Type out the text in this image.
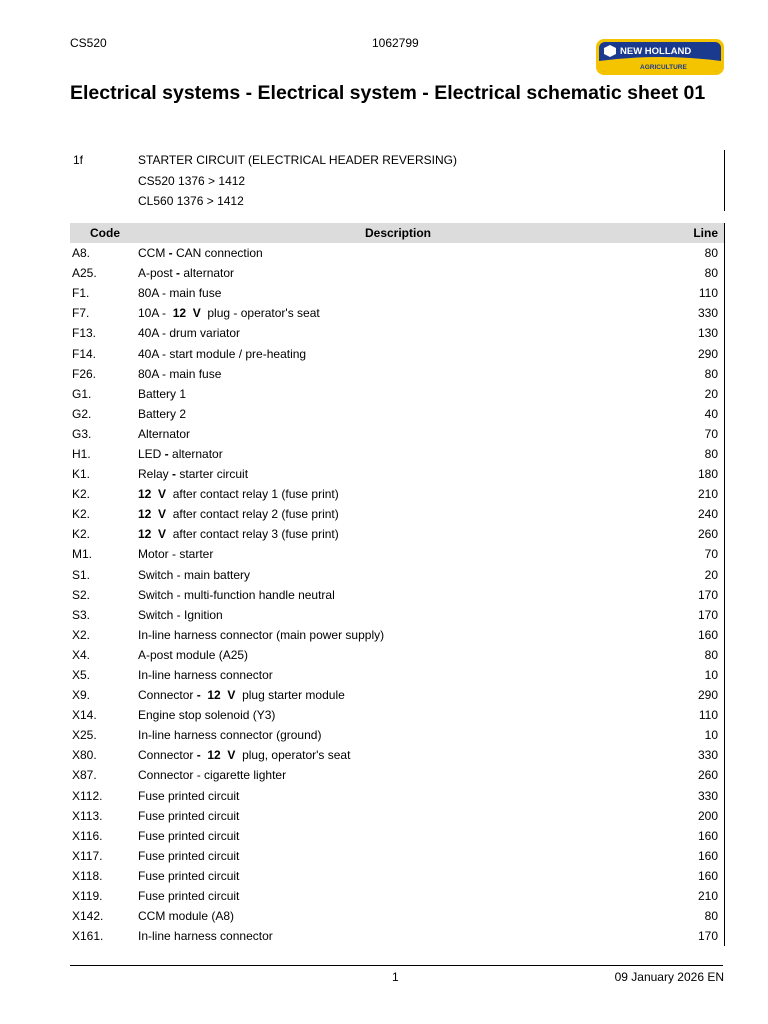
CS520	1062799
NEW HOLLAND
AGRICULTURE
Electrical systems - Electrical system - Electrical schematic sheet 01
1f	STARTER CIRCUIT (ELECTRICAL HEADER REVERSING)
CS520 1376 > 1412
CL560 1376 > 1412
Code	Description	Line
A8.	CCM - CAN connection	80
A25.	A-post - alternator	80
F1.	80A - main fuse	110
F7.	10A -  12  V  plug - operator's seat	330
F13.	40A - drum variator	130
F14.	40A - start module / pre-heating	290
F26.	80A - main fuse	80
G1.	Battery 1	20
G2.	Battery 2	40
G3.	Alternator	70
H1.	LED - alternator	80
K1.	Relay - starter circuit	180
K2.	12  V  after contact relay 1 (fuse print)	210
K2.	12  V  after contact relay 2 (fuse print)	240
K2.	12  V  after contact relay 3 (fuse print)	260
M1.	Motor - starter	70
S1.	Switch - main battery	20
S2.	Switch - multi-function handle neutral	170
S3.	Switch - Ignition	170
X2.	In-line harness connector (main power supply)	160
X4.	A-post module (A25)	80
X5.	In-line harness connector	10
X9.	Connector -  12  V  plug starter module	290
X14.	Engine stop solenoid (Y3)	110
X25.	In-line harness connector (ground)	10
X80.	Connector -  12  V  plug, operator's seat	330
X87.	Connector - cigarette lighter	260
X112.	Fuse printed circuit	330
X113.	Fuse printed circuit	200
X116.	Fuse printed circuit	160
X117.	Fuse printed circuit	160
X118.	Fuse printed circuit	160
X119.	Fuse printed circuit	210
X142.	CCM module (A8)	80
X161.	In-line harness connector	170
1	09 January 2026 EN
